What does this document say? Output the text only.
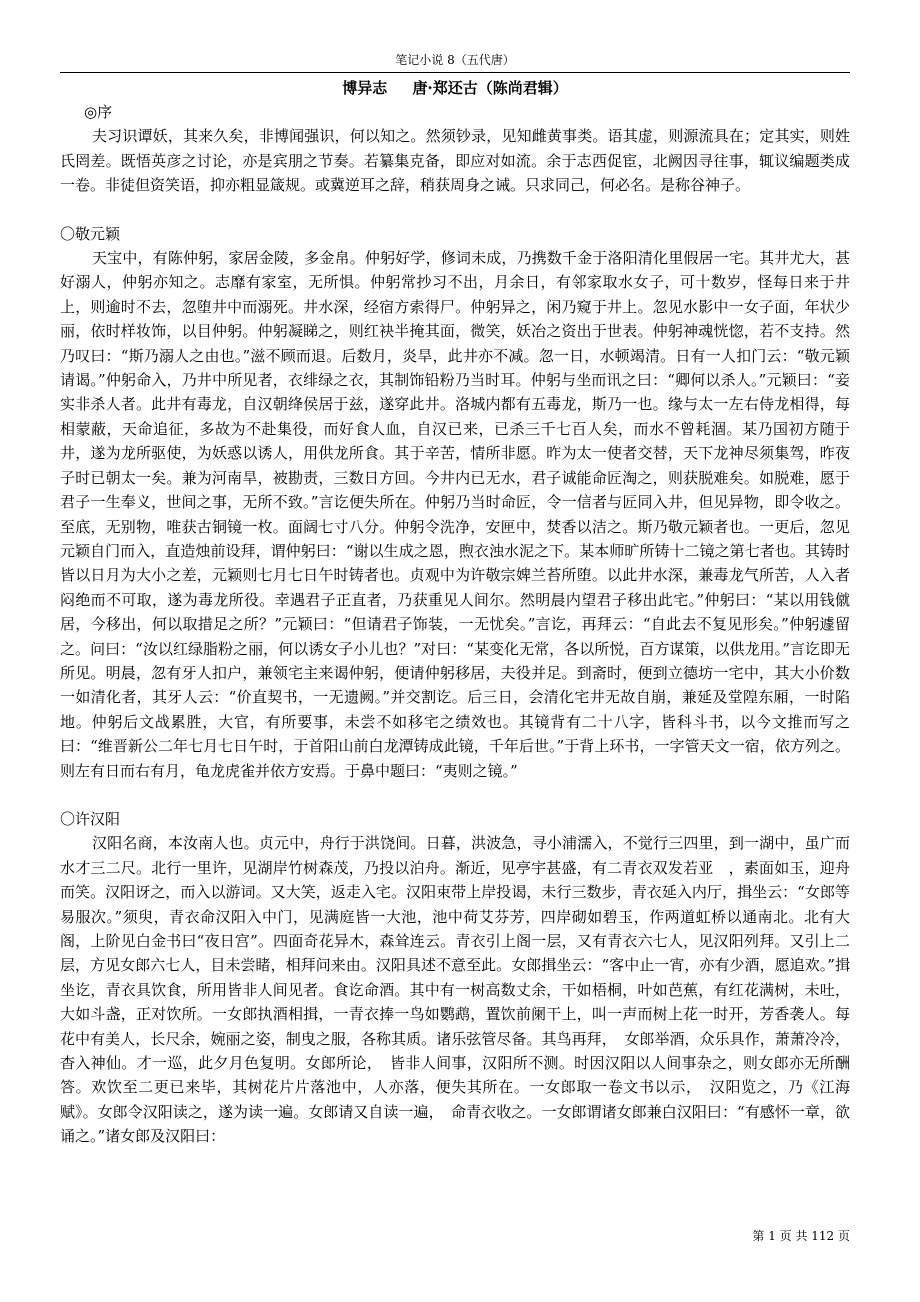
笔记小说 8（五代唐）
博异志 唐·郑还古（陈尚君辑）

◎序

夫习识谭妖，其来久矣，非博闻强识，何以知之。然须钞录，见知雌黄事类。语其虚，则源流具在；定其实，则姓氏罔差。既悟英彦之讨论，亦是宾朋之节奏。若纂集克备，即应对如流。余于志西促宦，北阙因寻往事，辄议编题类成一卷。非徒但资笑语，抑亦粗显箴规。或冀逆耳之辞，稍获周身之诫。只求同己，何必名。是称谷神子。

〇敬元颖

天宝中，有陈仲躬，家居金陵，多金帛。仲躬好学，修词未成，乃携数千金于洛阳清化里假居一宅。其井尤大，甚好溺人，仲躬亦知之。志靡有家室，无所惧。仲躬常抄习不出，月余日，有邻家取水女子，可十数岁，怪每日来于井上，则逾时不去，忽堕井中而溺死。井水深，经宿方索得尸。仲躬异之，闲乃窥于井上。忽见水影中一女子面，年状少丽，依时样妆饰，以目仲躬。仲躬凝睇之，则红袂半掩其面，微笑，妖冶之资出于世表。仲躬神魂恍惚，若不支持。然乃叹曰：“斯乃溺人之由也。”滋不顾而退。后数月，炎旱，此井亦不减。忽一日，水顿竭清。日有一人扣门云：“敬元颖请谒。”仲躬命入，乃井中所见者，衣绯绿之衣，其制饰铅粉乃当时耳。仲躬与坐而讯之曰：“卿何以杀人。”元颖曰：“妾实非杀人者。此井有毒龙，自汉朝绛侯居于兹，遂穿此井。洛城内都有五毒龙，斯乃一也。缘与太一左右侍龙相得，每相蒙蔽，天命追征，多故为不赴集役，而好食人血，自汉已来，已杀三千七百人矣，而水不曾耗涸。某乃国初方随于井，遂为龙所驱使，为妖惑以诱人，用供龙所食。其于辛苦，情所非愿。昨为太一使者交替，天下龙神尽须集驾，昨夜子时已朝太一矣。兼为河南旱，被勘责，三数日方回。今井内已无水，君子诚能命匠淘之，则获脱难矣。如脱难，愿于君子一生奉义，世间之事，无所不致。”言讫便失所在。仲躬乃当时命匠，令一信者与匠同入井，但见异物，即令收之。至底，无别物，唯获古铜镜一枚。面阔七寸八分。仲躬令洗净，安匣中，焚香以洁之。斯乃敬元颖者也。一更后，忽见元颖自门而入，直造烛前设拜，谓仲躬曰：“谢以生成之恩，煦衣浊水泥之下。某本师旷所铸十二镜之第七者也。其铸时皆以日月为大小之差，元颖则七月七日午时铸者也。贞观中为许敬宗婢兰苔所堕。以此井水深，兼毒龙气所苦，人入者闷绝而不可取，遂为毒龙所役。幸遇君子正直者，乃获重见人间尔。然明晨内望君子移出此宅。”仲躬曰：“某以用钱僦居，今移出，何以取措足之所？”元颖曰：“但请君子饰装，一无忧矣。”言讫，再拜云：“自此去不复见形矣。”仲躬遽留之。问曰：“汝以红绿脂粉之丽，何以诱女子小儿也？”对曰：“某变化无常，各以所悦，百方谋策，以供龙用。”言讫即无所见。明晨，忽有牙人扣户，兼领宅主来谒仲躬，便请仲躬移居，夫役并足。到斋时，便到立德坊一宅中，其大小价数一如清化者，其牙人云：“价直契书，一无遗阙。”并交割讫。后三日，会清化宅井无故自崩，兼延及堂隍东厢，一时陷地。仲躬后文战累胜，大官，有所要事，未尝不如移宅之绩效也。其镜背有二十八字，皆科斗书，以今文推而写之曰：“维晋新公二年七月七日午时，于首阳山前白龙潭铸成此镜，千年后世。”于背上环书，一字管天文一宿，依方列之。则左有日而右有月，龟龙虎雀并依方安焉。于鼻中题曰：“夷则之镜。”

〇许汉阳

汉阳名商，本汝南人也。贞元中，舟行于洪饶间。日暮，洪波急，寻小浦濡入，不觉行三四里，到一湖中，虽广而水才三二尺。北行一里许，见湖岸竹树森茂，乃投以泊舟。渐近，见亭宇甚盛，有二青衣双发若亚　，素面如玉，迎舟而笑。汉阳讶之，而入以游词。又大笑，返走入宅。汉阳束带上岸投谒，未行三数步，青衣延入内厅，揖坐云：“女郎等易服次。”须臾，青衣命汉阳入中门，见满庭皆一大池，池中荷艾芬芳，四岸砌如碧玉，作两道虹桥以通南北。北有大阁，上阶见白金书曰“夜日宫”。四面奇花异木，森耸连云。青衣引上阁一层，又有青衣六七人，见汉阳列拜。又引上二层，方见女郎六七人，目未尝睹，相拜问来由。汉阳具述不意至此。女郎揖坐云：“客中止一宵，亦有少酒，愿追欢。”揖坐讫，青衣具饮食，所用皆非人间见者。食讫命酒。其中有一树高数丈余，干如梧桐，叶如芭蕉，有红花满树，未吐，大如斗盏，正对饮所。一女郎执酒相揖，一青衣捧一鸟如鹦鹉，置饮前阑干上，叫一声而树上花一时开，芳香袭人。每花中有美人，长尺余，婉丽之姿，制曳之服，各称其质。诸乐弦管尽备。其鸟再拜，　女郎举酒，众乐具作，萧萧冷冷，杳入神仙。才一巡，此夕月色复明。女郎所论，　皆非人间事，汉阳所不测。时因汉阳以人间事杂之，则女郎亦无所酬答。欢饮至二更已来毕，其树花片片落池中，人亦落，便失其所在。一女郎取一卷文书以示，　汉阳览之，乃《江海赋》。女郎令汉阳读之，遂为读一遍。女郎请又自读一遍，　命青衣收之。一女郎谓诸女郎兼白汉阳曰：“有感怀一章，欲诵之。”诸女郎及汉阳曰：

第 1 页 共 112 页
